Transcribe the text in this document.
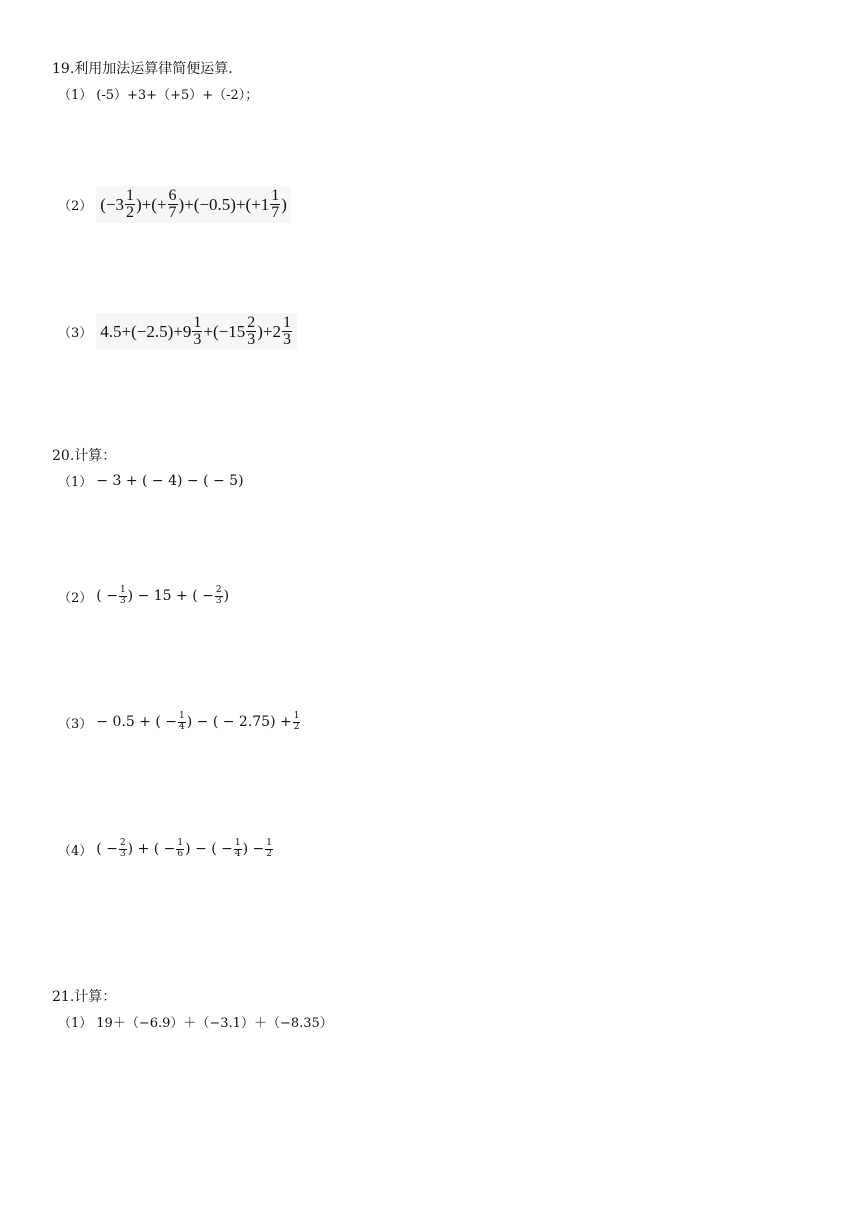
19.利用加法运算律简便运算.
（1） (-5）+3+（+5）+（-2）；
（2） ($-3 \frac{1}{2}$ )+(+ $\frac{6}{7} )+(-0.5)+(+1 \frac{1}{7}$ )
（3） $4.5+(-2.5)+9 \frac{1}{3} +(-15 \frac{2}{3} )+2 \frac{1}{3}$
20.计算：
（1） − 3 + ( − 4) − ( − 5)
（2） ( − $\frac{1}{3}$ ) − 15 + ( − $\frac{2}{3}$ )
（3） − 0.5 + ( − $\frac{1}{4}$ ) − ( − $2.75) + \frac{1}{2}$
（4） ( − $\frac{2}{3}$ ) + ( − $\frac{1}{6}$ ) − ( − $\frac{1}{4}$ ) − $\frac{1}{2}$
21.计算：
（1） 19＋（−6.9）＋（−3.1）＋（−8.35）
